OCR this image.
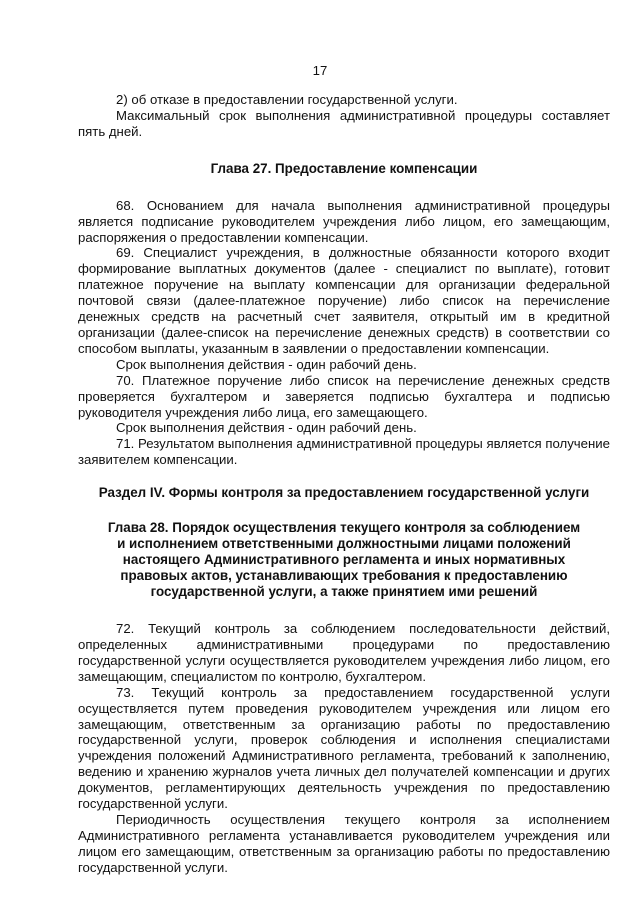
17

2) об отказе в предоставлении государственной услуги.

Максимальный срок выполнения административной процедуры составляет пять дней.

Глава 27. Предоставление компенсации

68. Основанием для начала выполнения административной процедуры является подписание руководителем учреждения либо лицом, его замещающим, распоряжения о предоставлении компенсации.

69. Специалист учреждения, в должностные обязанности которого входит формирование выплатных документов (далее - специалист по выплате), готовит платежное поручение на выплату компенсации для организации федеральной почтовой связи (далее-платежное поручение) либо список на перечисление денежных средств на расчетный счет заявителя, открытый им в кредитной организации (далее-список на перечисление денежных средств) в соответствии со способом выплаты, указанным в заявлении о предоставлении компенсации.

Срок выполнения действия - один рабочий день.

70. Платежное поручение либо список на перечисление денежных средств проверяется бухгалтером и заверяется подписью бухгалтера и подписью руководителя учреждения либо лица, его замещающего.

Срок выполнения действия - один рабочий день.

71. Результатом выполнения административной процедуры является получение заявителем компенсации.

Раздел IV. Формы контроля за предоставлением государственной услуги
Глава 28. Порядок осуществления текущего контроля за соблюдением
и исполнением ответственными должностными лицами положений
настоящего Административного регламента и иных нормативных
правовых актов, устанавливающих требования к предоставлению
государственной услуги, а также принятием ими решений

72. Текущий контроль за соблюдением последовательности действий, определенных административными процедурами по предоставлению государственной услуги осуществляется руководителем учреждения либо лицом, его замещающим, специалистом по контролю, бухгалтером.

73. Текущий контроль за предоставлением государственной услуги осуществляется путем проведения руководителем учреждения или лицом его замещающим, ответственным за организацию работы по предоставлению государственной услуги, проверок соблюдения и исполнения специалистами учреждения положений Административного регламента, требований к заполнению, ведению и хранению журналов учета личных дел получателей компенсации и других документов, регламентирующих деятельность учреждения по предоставлению государственной услуги.

Периодичность осуществления текущего контроля за исполнением Административного регламента устанавливается руководителем учреждения или лицом его замещающим, ответственным за организацию работы по предоставлению государственной услуги.
